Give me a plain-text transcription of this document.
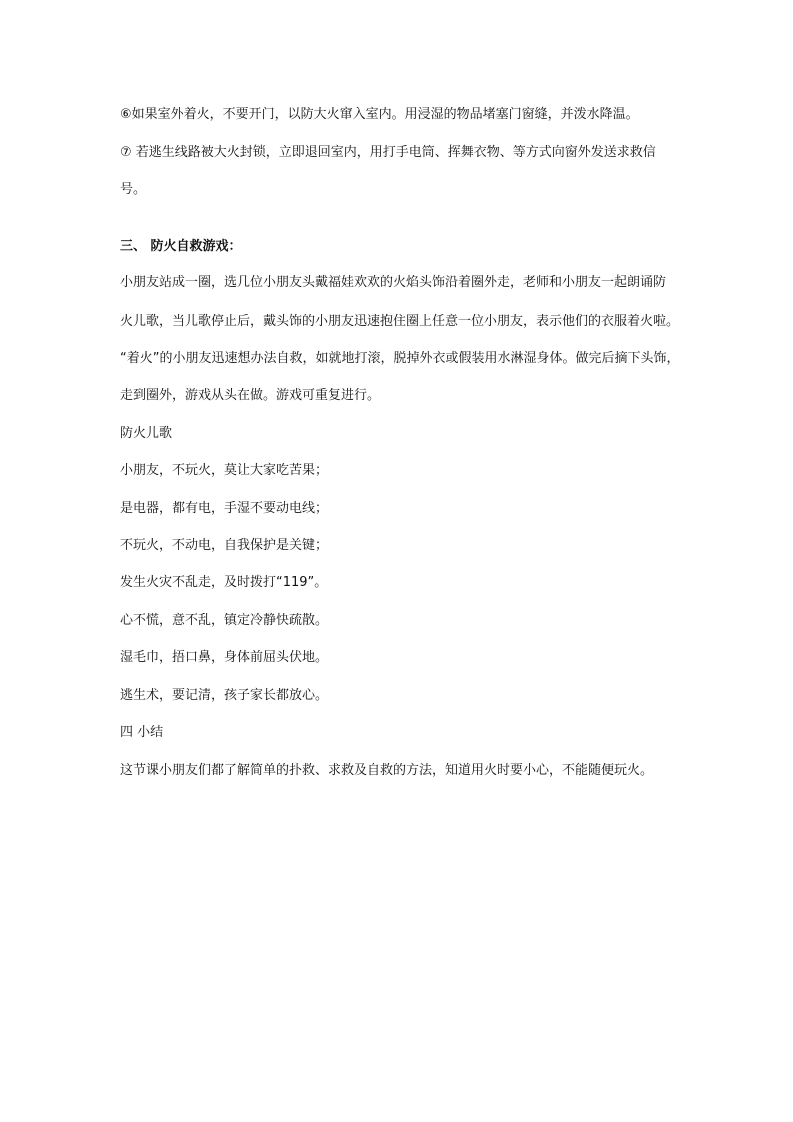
⑥如果室外着火，不要开门，以防大火窜入室内。用浸湿的物品堵塞门窗缝，并泼水降温。
⑦ 若逃生线路被大火封锁，立即退回室内，用打手电筒、挥舞衣物、等方式向窗外发送求救信
号。
三、 防火自救游戏：
小朋友站成一圈，选几位小朋友头戴福娃欢欢的火焰头饰沿着圈外走，老师和小朋友一起朗诵防
火儿歌，当儿歌停止后，戴头饰的小朋友迅速抱住圈上任意一位小朋友，表示他们的衣服着火啦。
“着火”的小朋友迅速想办法自救，如就地打滚，脱掉外衣或假装用水淋湿身体。做完后摘下头饰，
走到圈外，游戏从头在做。游戏可重复进行。
防火儿歌
小朋友，不玩火，莫让大家吃苦果；
是电器，都有电，手湿不要动电线；
不玩火，不动电，自我保护是关键；
发生火灾不乱走，及时拨打“119”。
心不慌，意不乱，镇定冷静快疏散。
湿毛巾，捂口鼻，身体前屈头伏地。
逃生术，要记清，孩子家长都放心。
四 小结
这节课小朋友们都了解简单的扑救、求救及自救的方法，知道用火时要小心，不能随便玩火。
